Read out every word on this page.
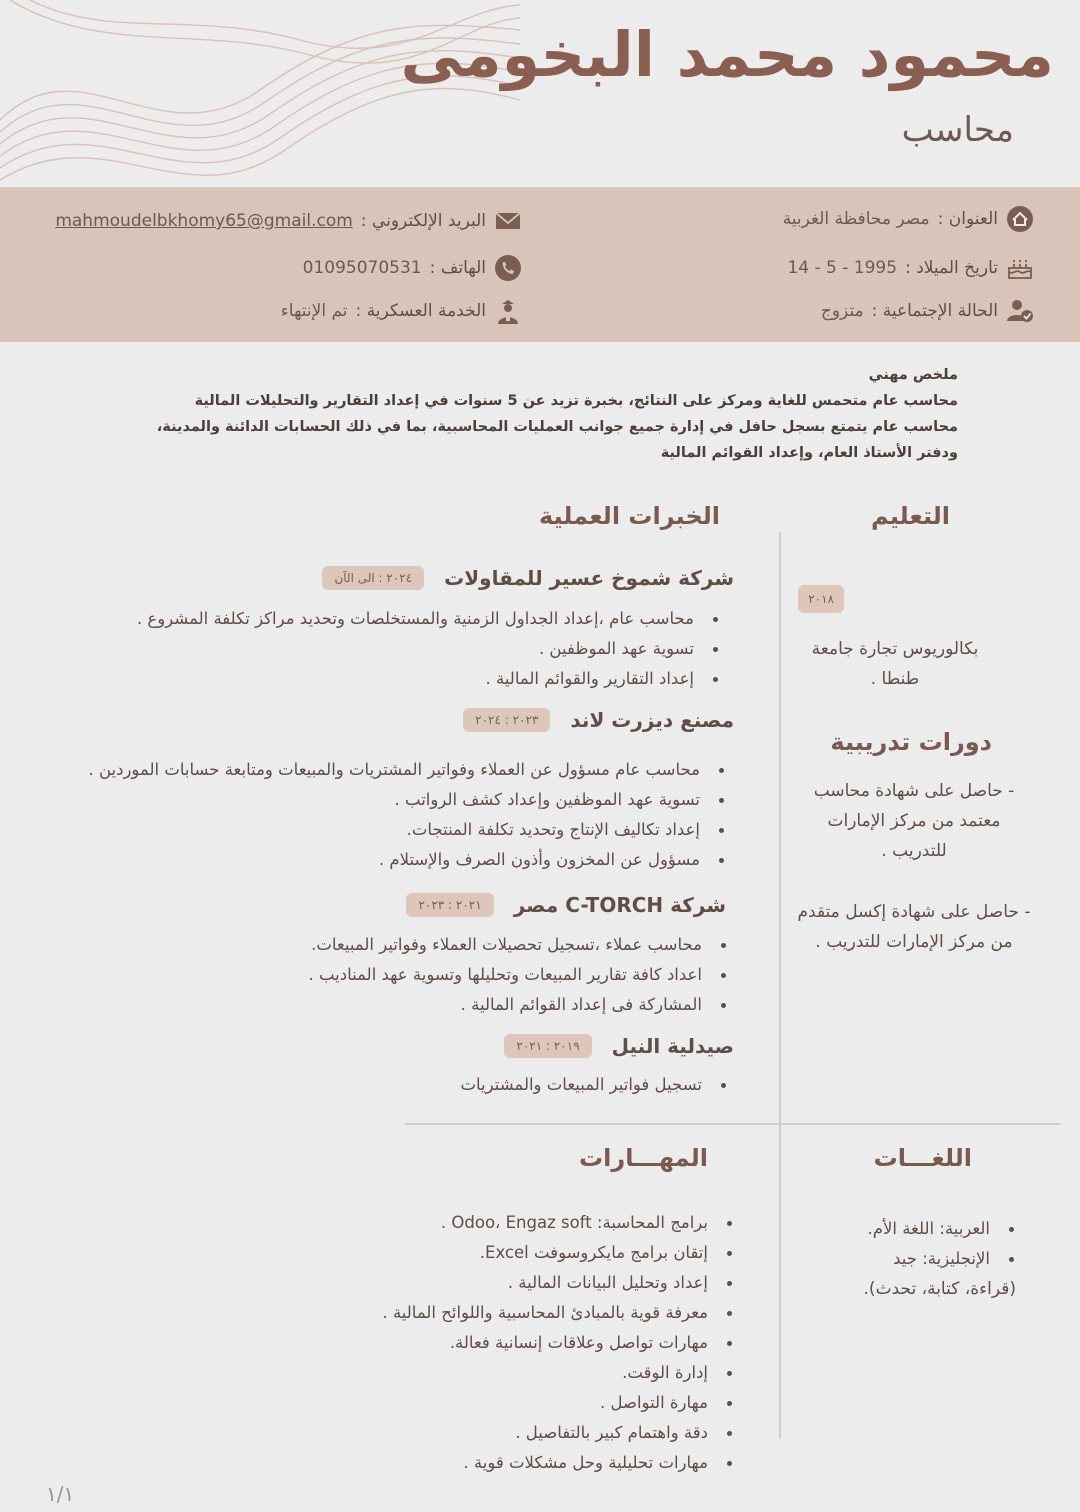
محمود محمد البخومى
محاسب
العنوان :
مصر محافظة الغربية
تاريخ الميلاد :
14 - 5 - 1995
الحالة الإجتماعية :
متزوج
البريد الإلكتروني :
mahmoudelbkhomy65@gmail.com
الهاتف :
01095070531
الخدمة العسكرية :
تم الإنتهاء
ملخص مهني
محاسب عام متحمس للغاية ومركز على النتائج، بخبرة تزيد عن 5 سنوات في إعداد التقارير والتحليلات المالية
محاسب عام يتمتع بسجل حافل في إدارة جميع جوانب العمليات المحاسبية، بما في ذلك الحسابات الدائنة والمدينة،
ودفتر الأستاذ العام، وإعداد القوائم المالية
الخبرات العملية	التعليم
دورات تدريبية
المهـــارات	اللغـــات
شركة شموخ عسير للمقاولات
٢٠٢٤ : الى الآن
محاسب عام ،إعداد الجداول الزمنية والمستخلصات وتحديد مراكز تكلفة المشروع .
تسوية عهد الموظفين .
إعداد التقارير والقوائم المالية .
مصنع ديزرت لاند
٢٠٢٣ : ٢٠٢٤
محاسب عام مسؤول عن العملاء وفواتير المشتريات والمبيعات ومتابعة حسابات الموردين .
تسوية عهد الموظفين وإعداد كشف الرواتب .
إعداد تكاليف الإنتاج وتحديد تكلفة المنتجات.
مسؤول عن المخزون وأذون الصرف والإستلام .
شركة C-TORCH مصر
٢٠٢١ : ٢٠٢٣
محاسب عملاء ،تسجيل تحصيلات العملاء وفواتير المبيعات.
اعداد كافة تقارير المبيعات وتحليلها وتسوية عهد المناديب .
المشاركة فى إعداد القوائم المالية .
صيدلية النيل
٢٠١٩ : ٢٠٢١
تسجيل فواتير المبيعات والمشتريات
٢٠١٨
بكالوريوس تجارة جامعة
طنطا .
- حاصل على شهادة محاسب
معتمد من مركز الإمارات
للتدريب .
- حاصل على شهادة إكسل متقدم
من مركز الإمارات للتدريب .
برامج المحاسبة: Odoo، Engaz soft .
إتقان برامج مايكروسوفت Excel.
إعداد وتحليل البيانات المالية .
معرفة قوية بالمبادئ المحاسبية واللوائح المالية .
مهارات تواصل وعلاقات إنسانية فعالة.
إدارة الوقت.
مهارة التواصل .
دقة واهتمام كبير بالتفاصيل .
مهارات تحليلية وحل مشكلات قوية .
العربية: اللغة الأم.
الإنجليزية: جيد
(قراءة، كتابة، تحدث).
١/١
